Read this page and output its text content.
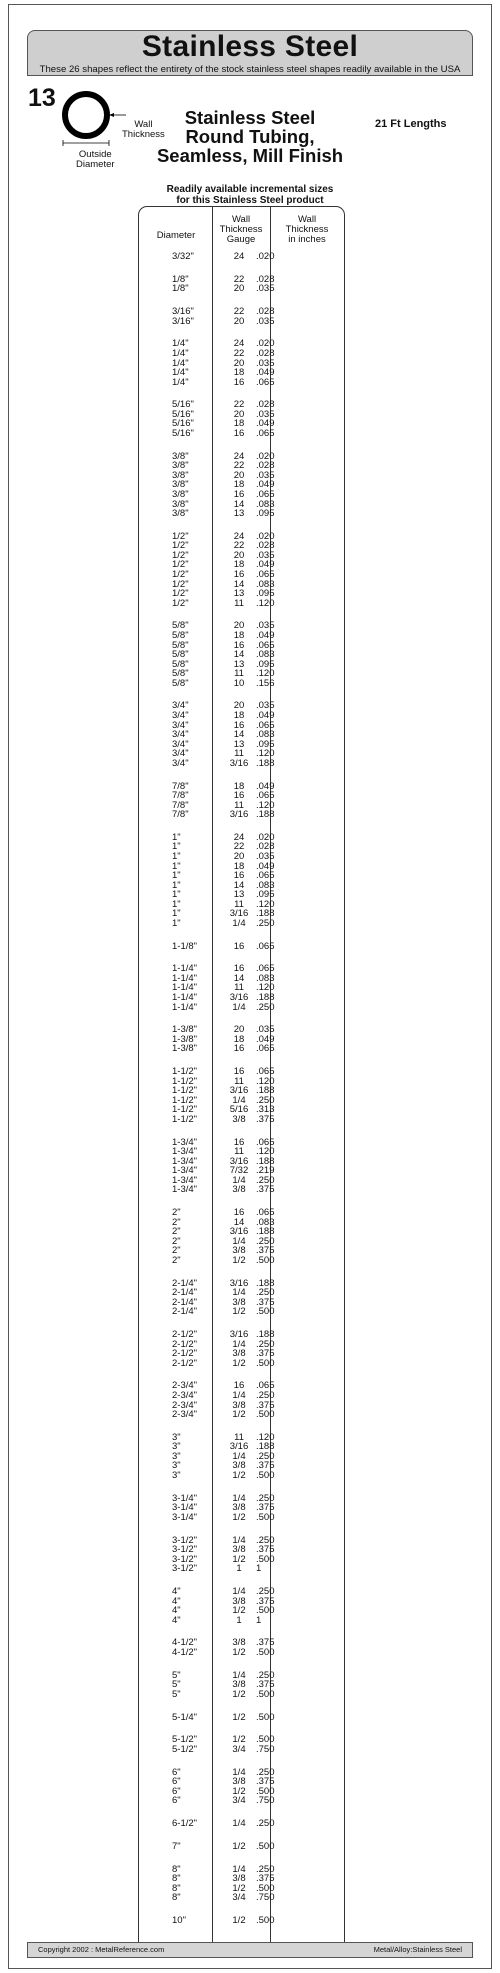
Stainless Steel
These 26 shapes reflect the entirety of the stock stainless steel shapes readily available in the USA
13
Wall
Thickness
Outside
Diameter
Stainless Steel
Round Tubing,
Seamless, Mill Finish
21 Ft Lengths
Readily available incremental sizes
for this Stainless Steel product
Diameter
Wall
Thickness
Gauge
Wall
Thickness
in inches
3/32"	24	.020
1/8"	22	.028
1/8"	20	.035
3/16"	22	.028
3/16"	20	.035
1/4"	24	.020
1/4"	22	.028
1/4"	20	.035
1/4"	18	.049
1/4"	16	.065
5/16"	22	.028
5/16"	20	.035
5/16"	18	.049
5/16"	16	.065
3/8"	24	.020
3/8"	22	.028
3/8"	20	.035
3/8"	18	.049
3/8"	16	.065
3/8"	14	.083
3/8"	13	.095
1/2"	24	.020
1/2"	22	.028
1/2"	20	.035
1/2"	18	.049
1/2"	16	.065
1/2"	14	.083
1/2"	13	.095
1/2"	11	.120
5/8"	20	.035
5/8"	18	.049
5/8"	16	.065
5/8"	14	.083
5/8"	13	.095
5/8"	11	.120
5/8"	10	.156
3/4"	20	.035
3/4"	18	.049
3/4"	16	.065
3/4"	14	.083
3/4"	13	.095
3/4"	11	.120
3/4"	3/16 .188
7/8"	18	.049
7/8"	16	.065
7/8"	11	.120
7/8"	3/16 .188
1"	24	.020
1"	22	.028
1"	20	.035
1"	18	.049
1"	16	.065
1"	14	.083
1"	13	.095
1"	11	.120
1"	3/16 .188
1"	1/4	.250
1-1/8"	16	.065
1-1/4"	16	.065
1-1/4"	14	.083
1-1/4"	11	.120
1-1/4"	3/16 .188
1-1/4"	1/4	.250
1-3/8"	20	.035
1-3/8"	18	.049
1-3/8"	16	.065
1-1/2"	16	.065
1-1/2"	11	.120
1-1/2"	3/16 .188
1-1/2"	1/4	.250
1-1/2"	5/16 .313
1-1/2"	3/8	.375
1-3/4"	16	.065
1-3/4"	11	.120
1-3/4"	3/16 .188
1-3/4"	7/32 .219
1-3/4"	1/4	.250
1-3/4"	3/8	.375
2"	16	.065
2"	14	.083
2"	3/16 .188
2"	1/4	.250
2"	3/8	.375
2"	1/2	.500
2-1/4"	3/16 .188
2-1/4"	1/4	.250
2-1/4"	3/8	.375
2-1/4"	1/2	.500
2-1/2"	3/16 .188
2-1/2"	1/4	.250
2-1/2"	3/8	.375
2-1/2"	1/2	.500
2-3/4"	16	.065
2-3/4"	1/4	.250
2-3/4"	3/8	.375
2-3/4"	1/2	.500
3"	11	.120
3"	3/16 .188
3"	1/4	.250
3"	3/8	.375
3"	1/2	.500
3-1/4"	1/4	.250
3-1/4"	3/8	.375
3-1/4"	1/2	.500
3-1/2"	1/4	.250
3-1/2"	3/8	.375
3-1/2"	1/2	.500
3-1/2"	1	1
4"	1/4	.250
4"	3/8	.375
4"	1/2	.500
4"	1	1
4-1/2"	3/8	.375
4-1/2"	1/2	.500
5"	1/4	.250
5"	3/8	.375
5"	1/2	.500
5-1/4"	1/2	.500
5-1/2"	1/2	.500
5-1/2"	3/4	.750
6"	1/4	.250
6"	3/8	.375
6"	1/2	.500
6"	3/4	.750
6-1/2"	1/4	.250
7"	1/2	.500
8"	1/4	.250
8"	3/8	.375
8"	1/2	.500
8"	3/4	.750
10"	1/2	.500
Copyright 2002 : MetalReference.com	Metal/Alloy:Stainless Steel
